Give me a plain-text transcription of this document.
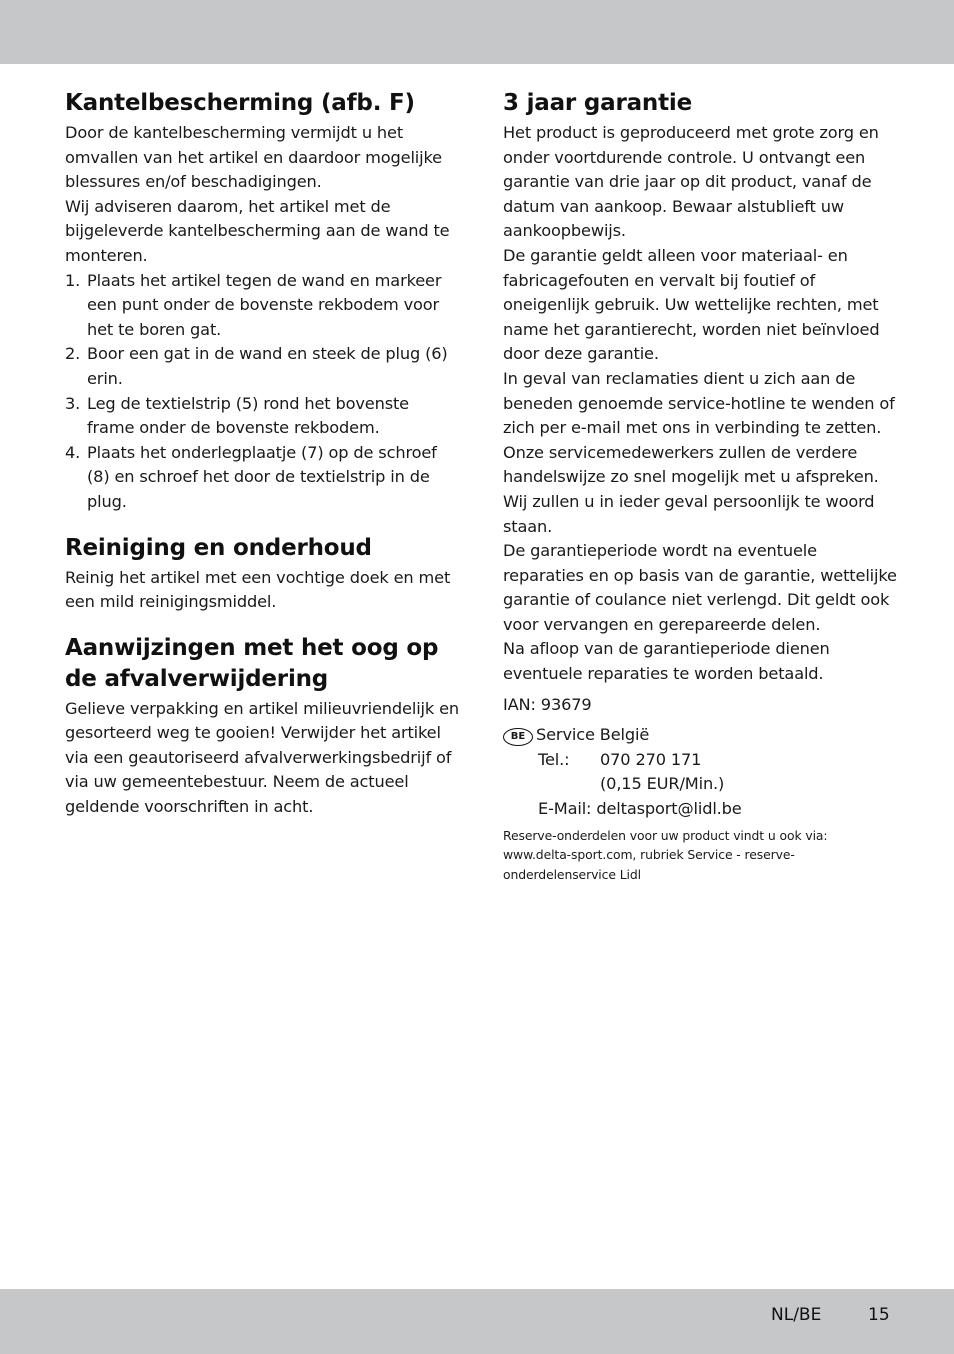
Kantelbescherming (afb. F)

Door de kantelbescherming vermijdt u het omvallen van het artikel en daardoor mogelijke blessures en/of beschadigingen.

Wij adviseren daarom, het artikel met de bijgeleverde kantelbescherming aan de wand te monteren.

1. Plaats het artikel tegen de wand en markeer een punt onder de bovenste rekbodem voor het te boren gat.
2. Boor een gat in de wand en steek de plug (6) erin.
3. Leg de textielstrip (5) rond het bovenste frame onder de bovenste rekbodem.
4. Plaats het onderlegplaatje (7) op de schroef (8) en schroef het door de textielstrip in de plug.
Reiniging en onderhoud

Reinig het artikel met een vochtige doek en met een mild reinigingsmiddel.

Aanwijzingen met het oog op de afvalverwijdering

Gelieve verpakking en artikel milieuvriendelijk en gesorteerd weg te gooien! Verwijder het artikel via een geautoriseerd afvalverwerkingsbedrijf of via uw gemeentebestuur. Neem de actueel geldende voorschriften in acht.

3 jaar garantie

Het product is geproduceerd met grote zorg en onder voortdurende controle. U ontvangt een garantie van drie jaar op dit product, vanaf de datum van aankoop. Bewaar alstublieft uw aankoopbewijs.

De garantie geldt alleen voor materiaal- en fabricagefouten en vervalt bij foutief of oneigenlijk gebruik. Uw wettelijke rechten, met name het garantierecht, worden niet beïnvloed door deze garantie.

In geval van reclamaties dient u zich aan de beneden genoemde service-hotline te wenden of zich per e-mail met ons in verbinding te zetten. Onze servicemedewerkers zullen de verdere handelswijze zo snel mogelijk met u afspreken. Wij zullen u in ieder geval persoonlijk te woord staan.

De garantieperiode wordt na eventuele reparaties en op basis van de garantie, wettelijke garantie of coulance niet verlengd. Dit geldt ook voor vervangen en gerepareerde delen.

Na afloop van de garantieperiode dienen eventuele reparaties te worden betaald.

IAN: 93679

BE Service België
Tel.:	070 270 171
(0,15 EUR/Min.)
E-Mail: deltasport@lidl.be

Reserve-onderdelen voor uw product vindt u ook via: www.delta-sport.com, rubriek Service - reserve-onderdelenservice Lidl

NL/BE	15
